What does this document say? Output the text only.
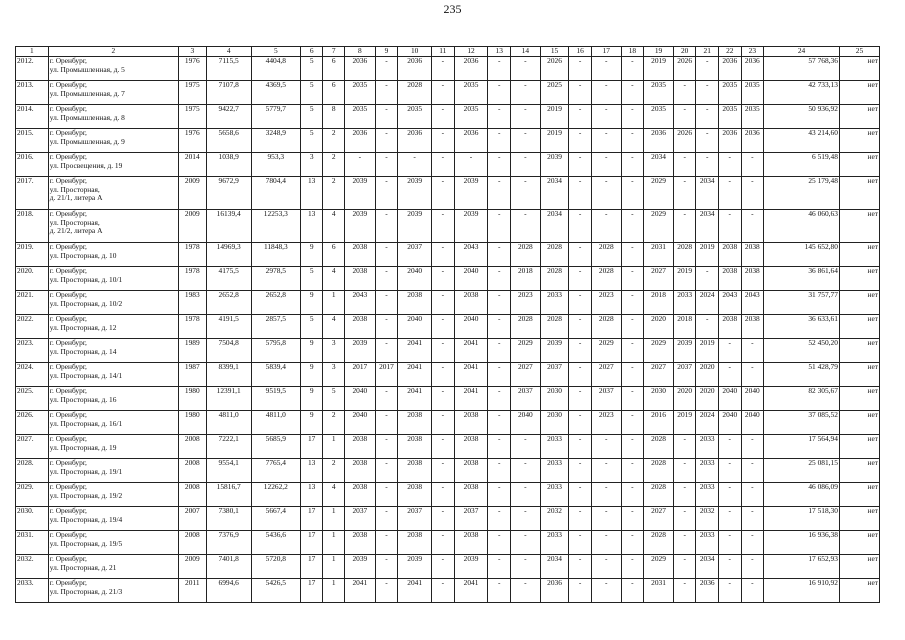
235
1	2	3	4	5	6	7	8	9	10	11	12	13	14	15	16	17	18	19	20	21	22	23	24	25
2012.	г. Оренбург,
ул. Промышленная, д. 5	1976	7115,5	4404,8	5	6	2036	-	2036	-	2036	-	-	2026	-	-	-	2019	2026	-	2036	2036	57 768,36	нет
2013.	г. Оренбург,
ул. Промышленная, д. 7	1975	7107,8	4369,5	5	6	2035	-	2028	-	2035	-	-	2025	-	-	-	2035	-	-	2035	2035	42 733,13	нет
2014.	г. Оренбург,
ул. Промышленная, д. 8	1975	9422,7	5779,7	5	8	2035	-	2035	-	2035	-	-	2019	-	-	-	2035	-	-	2035	2035	50 936,92	нет
2015.	г. Оренбург,
ул. Промышленная, д. 9	1976	5658,6	3248,9	5	2	2036	-	2036	-	2036	-	-	2019	-	-	-	2036	2026	-	2036	2036	43 214,60	нет
2016.	г. Оренбург,
ул. Просвещения, д. 19	2014	1038,9	953,3	3	2	-	-	-	-	-	-	-	2039	-	-	-	2034	-	-	-	-	6 519,48	нет
2017.	г. Оренбург,
ул. Просторная,
д. 21/1, литера А	2009	9672,9	7804,4	13	2	2039	-	2039	-	2039	-	-	2034	-	-	-	2029	-	2034	-	-	25 179,48	нет
2018.	г. Оренбург,
ул. Просторная,
д. 21/2, литера А	2009	16139,4	12253,3	13	4	2039	-	2039	-	2039	-	-	2034	-	-	-	2029	-	2034	-	-	46 060,63	нет
2019.	г. Оренбург,
ул. Просторная, д. 10	1978	14969,3	11848,3	9	6	2038	-	2037	-	2043	-	2028	2028	-	2028	-	2031	2028	2019	2038	2038	145 652,80	нет
2020.	г. Оренбург,
ул. Просторная, д. 10/1	1978	4175,5	2978,5	5	4	2038	-	2040	-	2040	-	2018	2028	-	2028	-	2027	2019	-	2038	2038	36 861,64	нет
2021.	г. Оренбург,
ул. Просторная, д. 10/2	1983	2652,8	2652,8	9	1	2043	-	2038	-	2038	-	2023	2033	-	2023	-	2018	2033	2024	2043	2043	31 757,77	нет
2022.	г. Оренбург,
ул. Просторная, д. 12	1978	4191,5	2857,5	5	4	2038	-	2040	-	2040	-	2028	2028	-	2028	-	2020	2018	-	2038	2038	36 633,61	нет
2023.	г. Оренбург,
ул. Просторная, д. 14	1989	7504,8	5795,8	9	3	2039	-	2041	-	2041	-	2029	2039	-	2029	-	2029	2039	2019	-	-	52 450,20	нет
2024.	г. Оренбург,
ул. Просторная, д. 14/1	1987	8399,1	5839,4	9	3	2017	2017	2041	-	2041	-	2027	2037	-	2027	-	2027	2037	2020	-	-	51 428,79	нет
2025.	г. Оренбург,
ул. Просторная, д. 16	1980	12391,1	9519,5	9	5	2040	-	2041	-	2041	-	2037	2030	-	2037	-	2030	2020	2020	2040	2040	82 305,67	нет
2026.	г. Оренбург,
ул. Просторная, д. 16/1	1980	4811,0	4811,0	9	2	2040	-	2038	-	2038	-	2040	2030	-	2023	-	2016	2019	2024	2040	2040	37 085,52	нет
2027.	г. Оренбург,
ул. Просторная, д. 19	2008	7222,1	5685,9	17	1	2038	-	2038	-	2038	-	-	2033	-	-	-	2028	-	2033	-	-	17 564,94	нет
2028.	г. Оренбург,
ул. Просторная, д. 19/1	2008	9554,1	7765,4	13	2	2038	-	2038	-	2038	-	-	2033	-	-	-	2028	-	2033	-	-	25 081,15	нет
2029.	г. Оренбург,
ул. Просторная, д. 19/2	2008	15816,7	12262,2	13	4	2038	-	2038	-	2038	-	-	2033	-	-	-	2028	-	2033	-	-	46 086,09	нет
2030.	г. Оренбург,
ул. Просторная, д. 19/4	2007	7380,1	5667,4	17	1	2037	-	2037	-	2037	-	-	2032	-	-	-	2027	-	2032	-	-	17 518,30	нет
2031.	г. Оренбург,
ул. Просторная, д. 19/5	2008	7376,9	5436,6	17	1	2038	-	2038	-	2038	-	-	2033	-	-	-	2028	-	2033	-	-	16 936,38	нет
2032.	г. Оренбург,
ул. Просторная, д. 21	2009	7401,8	5720,8	17	1	2039	-	2039	-	2039	-	-	2034	-	-	-	2029	-	2034	-	-	17 652,93	нет
2033.	г. Оренбург,
ул. Просторная, д. 21/3	2011	6994,6	5426,5	17	1	2041	-	2041	-	2041	-	-	2036	-	-	-	2031	-	2036	-	-	16 910,92	нет
